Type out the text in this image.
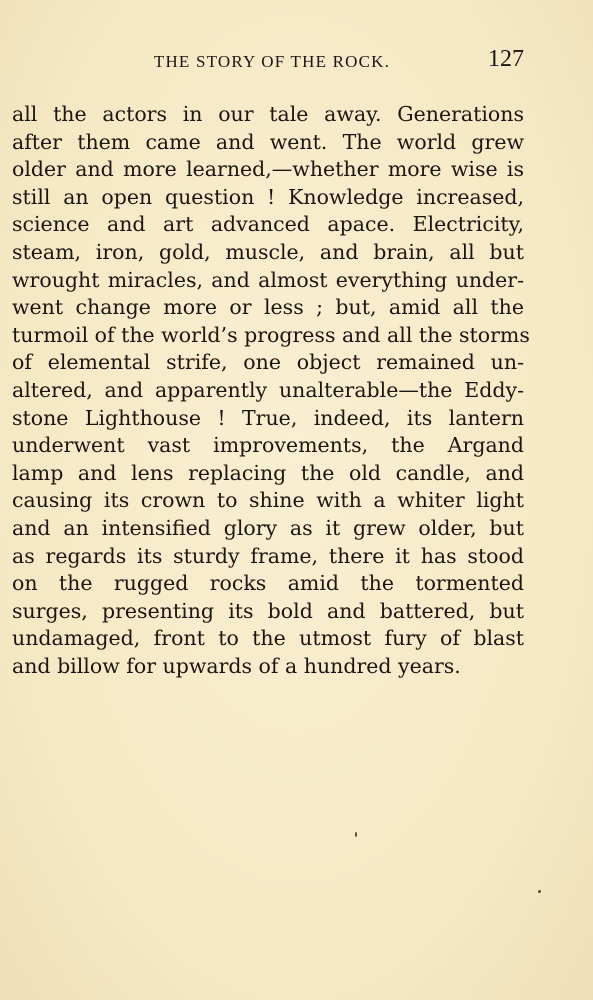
THE STORY OF THE ROCK.	127
all the actors in our tale away. Generations
after them came and went. The world grew
older and more learned,—whether more wise is
still an open question ! Knowledge increased,
science and art advanced apace. Electricity,
steam, iron, gold, muscle, and brain, all but
wrought miracles, and almost everything under-
went change more or less ; but, amid all the
turmoil of the world’s progress and all the storms
of elemental strife, one object remained un-
altered, and apparently unalterable—the Eddy-
stone Lighthouse ! True, indeed, its lantern
underwent vast improvements, the Argand
lamp and lens replacing the old candle, and
causing its crown to shine with a whiter light
and an intensified glory as it grew older, but
as regards its sturdy frame, there it has stood
on the rugged rocks amid the tormented
surges, presenting its bold and battered, but
undamaged, front to the utmost fury of blast
and billow for upwards of a hundred years.
